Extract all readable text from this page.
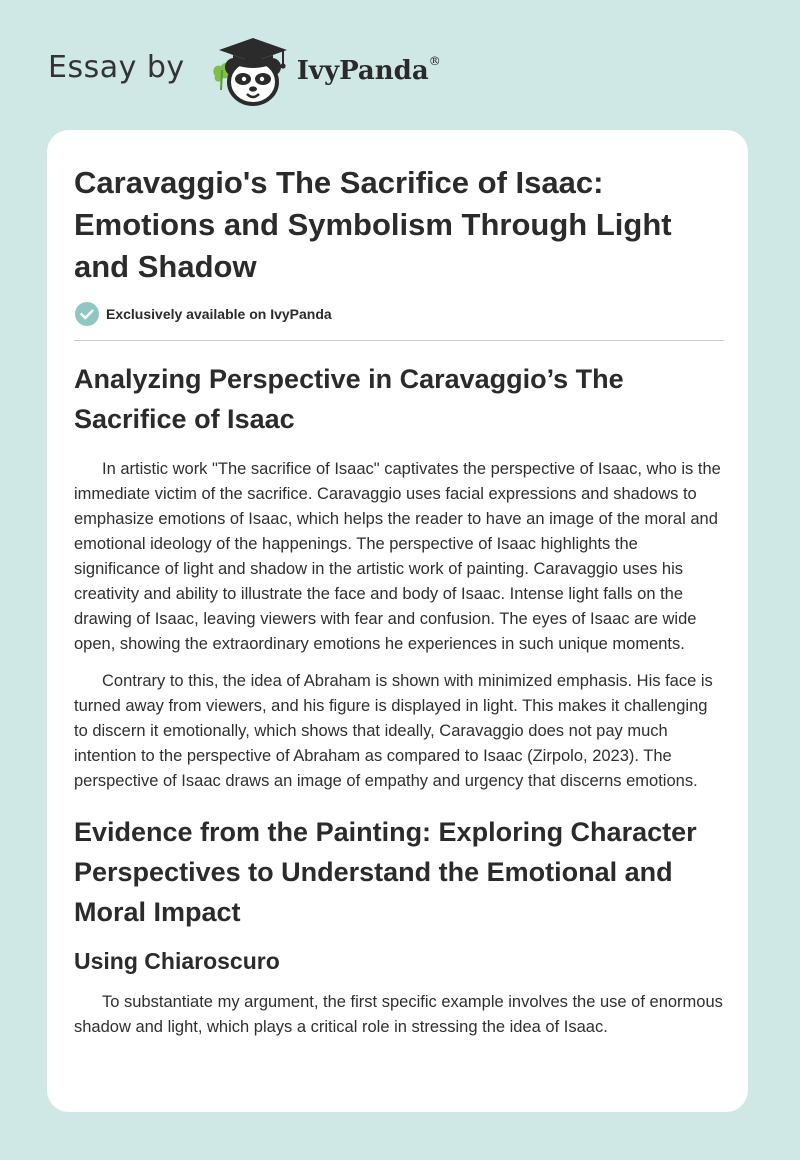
Essay by	IvyPanda®
Caravaggio's The Sacrifice of Isaac: Emotions and Symbolism Through Light and Shadow
Exclusively available on IvyPanda
Analyzing Perspective in Caravaggio’s The Sacrifice of Isaac

In artistic work "The sacrifice of Isaac" captivates the perspective of Isaac, who is the immediate victim of the sacrifice. Caravaggio uses facial expressions and shadows to emphasize emotions of Isaac, which helps the reader to have an image of the moral and emotional ideology of the happenings. The perspective of Isaac highlights the significance of light and shadow in the artistic work of painting. Caravaggio uses his creativity and ability to illustrate the face and body of Isaac. Intense light falls on the drawing of Isaac, leaving viewers with fear and confusion. The eyes of Isaac are wide open, showing the extraordinary emotions he experiences in such unique moments.

Contrary to this, the idea of Abraham is shown with minimized emphasis. His face is turned away from viewers, and his figure is displayed in light. This makes it challenging to discern it emotionally, which shows that ideally, Caravaggio does not pay much intention to the perspective of Abraham as compared to Isaac (Zirpolo, 2023). The perspective of Isaac draws an image of empathy and urgency that discerns emotions.

Evidence from the Painting: Exploring Character Perspectives to Understand the Emotional and Moral Impact
Using Chiaroscuro

To substantiate my argument, the first specific example involves the use of enormous shadow and light, which plays a critical role in stressing the idea of Isaac.
